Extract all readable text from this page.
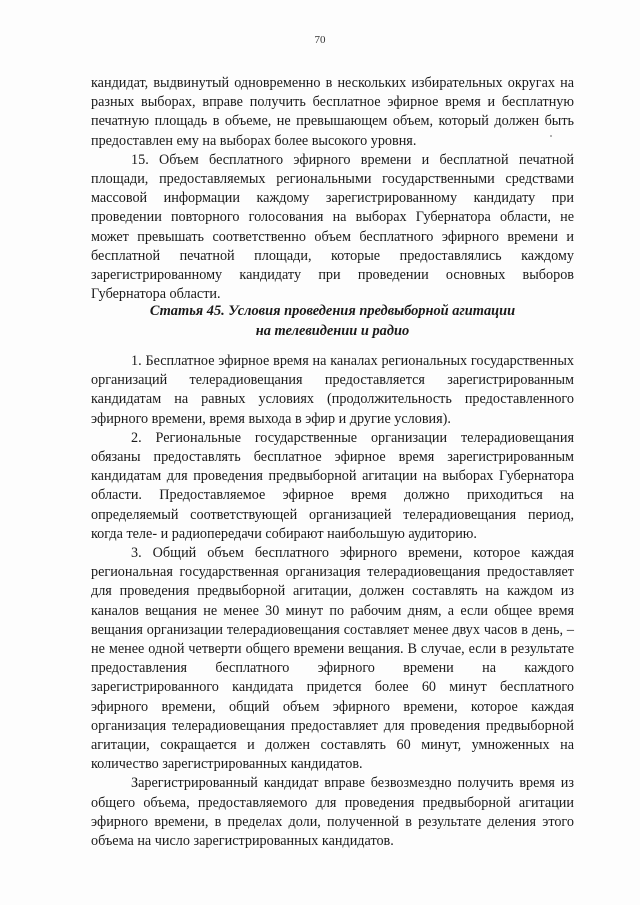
70

кандидат, выдвинутый одновременно в нескольких избирательных округах на разных выборах, вправе получить бесплатное эфирное время и бесплатную печатную площадь в объеме, не превышающем объем, который должен быть предоставлен ему на выборах более высокого уровня.

15. Объем бесплатного эфирного времени и бесплатной печатной площади, предоставляемых региональными государственными средствами массовой информации каждому зарегистрированному кандидату при проведении повторного голосования на выборах Губернатора области, не может превышать соответственно объем бесплатного эфирного времени и бесплатной печатной площади, которые предоставлялись каждому зарегистрированному кандидату при проведении основных выборов Губернатора области.

Статья 45. Условия проведения предвыборной агитации
на телевидении и радио

1. Бесплатное эфирное время на каналах региональных государственных организаций телерадиовещания предоставляется зарегистрированным кандидатам на равных условиях (продолжительность предоставленного эфирного времени, время выхода в эфир и другие условия).

2. Региональные государственные организации телерадиовещания обязаны предоставлять бесплатное эфирное время зарегистрированным кандидатам для проведения предвыборной агитации на выборах Губернатора области. Предоставляемое эфирное время должно приходиться на определяемый соответствующей организацией телерадиовещания период, когда теле- и радиопередачи собирают наибольшую аудиторию.

3. Общий объем бесплатного эфирного времени, которое каждая региональная государственная организация телерадиовещания предоставляет для проведения предвыборной агитации, должен составлять на каждом из каналов вещания не менее 30 минут по рабочим дням, а если общее время вещания организации телерадиовещания составляет менее двух часов в день, – не менее одной четверти общего времени вещания. В случае, если в результате предоставления бесплатного эфирного времени на каждого зарегистрированного кандидата придется более 60 минут бесплатного эфирного времени, общий объем эфирного времени, которое каждая организация телерадиовещания предоставляет для проведения предвыборной агитации, сокращается и должен составлять 60 минут, умноженных на количество зарегистрированных кандидатов.

Зарегистрированный кандидат вправе безвозмездно получить время из общего объема, предоставляемого для проведения предвыборной агитации эфирного времени, в пределах доли, полученной в результате деления этого объема на число зарегистрированных кандидатов.
